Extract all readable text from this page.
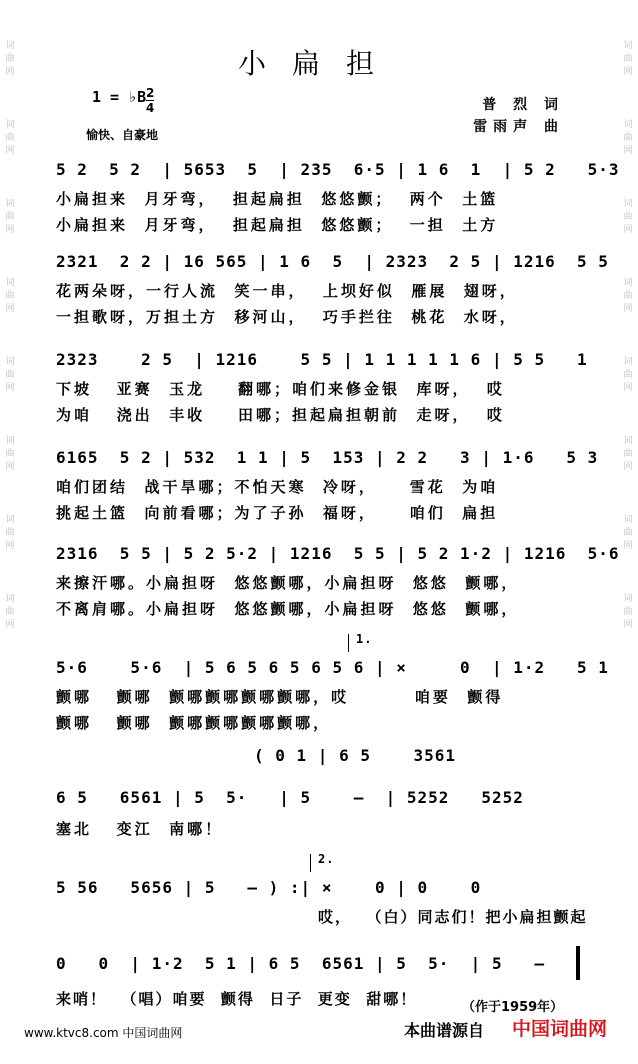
词
曲
网
词
曲
网
词
曲
网
词
曲
网
词
曲
网
词
曲
网
词
曲
网
词
曲
网
词
曲
网
词
曲
网
词
曲
网
词
曲
网
词
曲
网
词
曲
网
词
曲
网
词
曲
网
小扁担
1 = ♭B 2
4
愉快、自豪地
普 烈 词
雷雨声 曲
5 2  5 2  | 5653  5  | 235  6·5 | 1 6  1  | 5 2   5·3
小扁担来  月牙弯，  担起扁担  悠悠颤；  两个  土篮
小扁担来  月牙弯，  担起扁担  悠悠颤；  一担  土方
2321  2 2 | 16 565 | 1 6  5  | 2323  2 5 | 1216  5 5
花两朵呀，一行人流  笑一串，  上坝好似  雁展  翅呀，
一担歌呀，万担土方  移河山，  巧手拦往  桃花  水呀，
2323    2 5  | 1216    5 5 | 1 1 1 1 1 6 | 5 5   1
下坡   亚赛  玉龙    翻哪；咱们来修金银  库呀，  哎
为咱   浇出  丰收    田哪；担起扁担朝前  走呀，  哎
6165  5 2 | 532  1 1 | 5  153 | 2 2   3 | 1·6   5 3
咱们团结  战干旱哪；不怕天寒  冷呀，    雪花  为咱
挑起土篮  向前看哪；为了子孙  福呀，    咱们  扁担
2316  5 5 | 5 2 5·2 | 1216  5 5 | 5 2 1·2 | 1216  5·6
来擦汗哪。小扁担呀  悠悠颤哪，小扁担呀  悠悠  颤哪，
不离肩哪。小扁担呀  悠悠颤哪，小扁担呀  悠悠  颤哪，
1.
5·6    5·6  | 5 6 5 6 5 6 5 6 | ×     0  | 1·2   5 1
颤哪   颤哪  颤哪颤哪颤哪颤哪，哎        咱要  颤得
颤哪   颤哪  颤哪颤哪颤哪颤哪，
( 0 1 | 6 5    3561
6 5   6561 | 5  5·   | 5    —  | 5252   5252
塞北   变江  南哪！
2.
5 56   5656 | 5   — ) :| ×    0 | 0    0
哎，  （白）同志们！把小扁担颤起
0   0  | 1·2  5 1 | 6 5  6561 | 5  5·  | 5   —
来哨！  （唱）咱要  颤得  日子  更变  甜哪！	（作于1959年）
www.ktvc8.com 中国词曲网	本曲谱源自 中国词曲网
